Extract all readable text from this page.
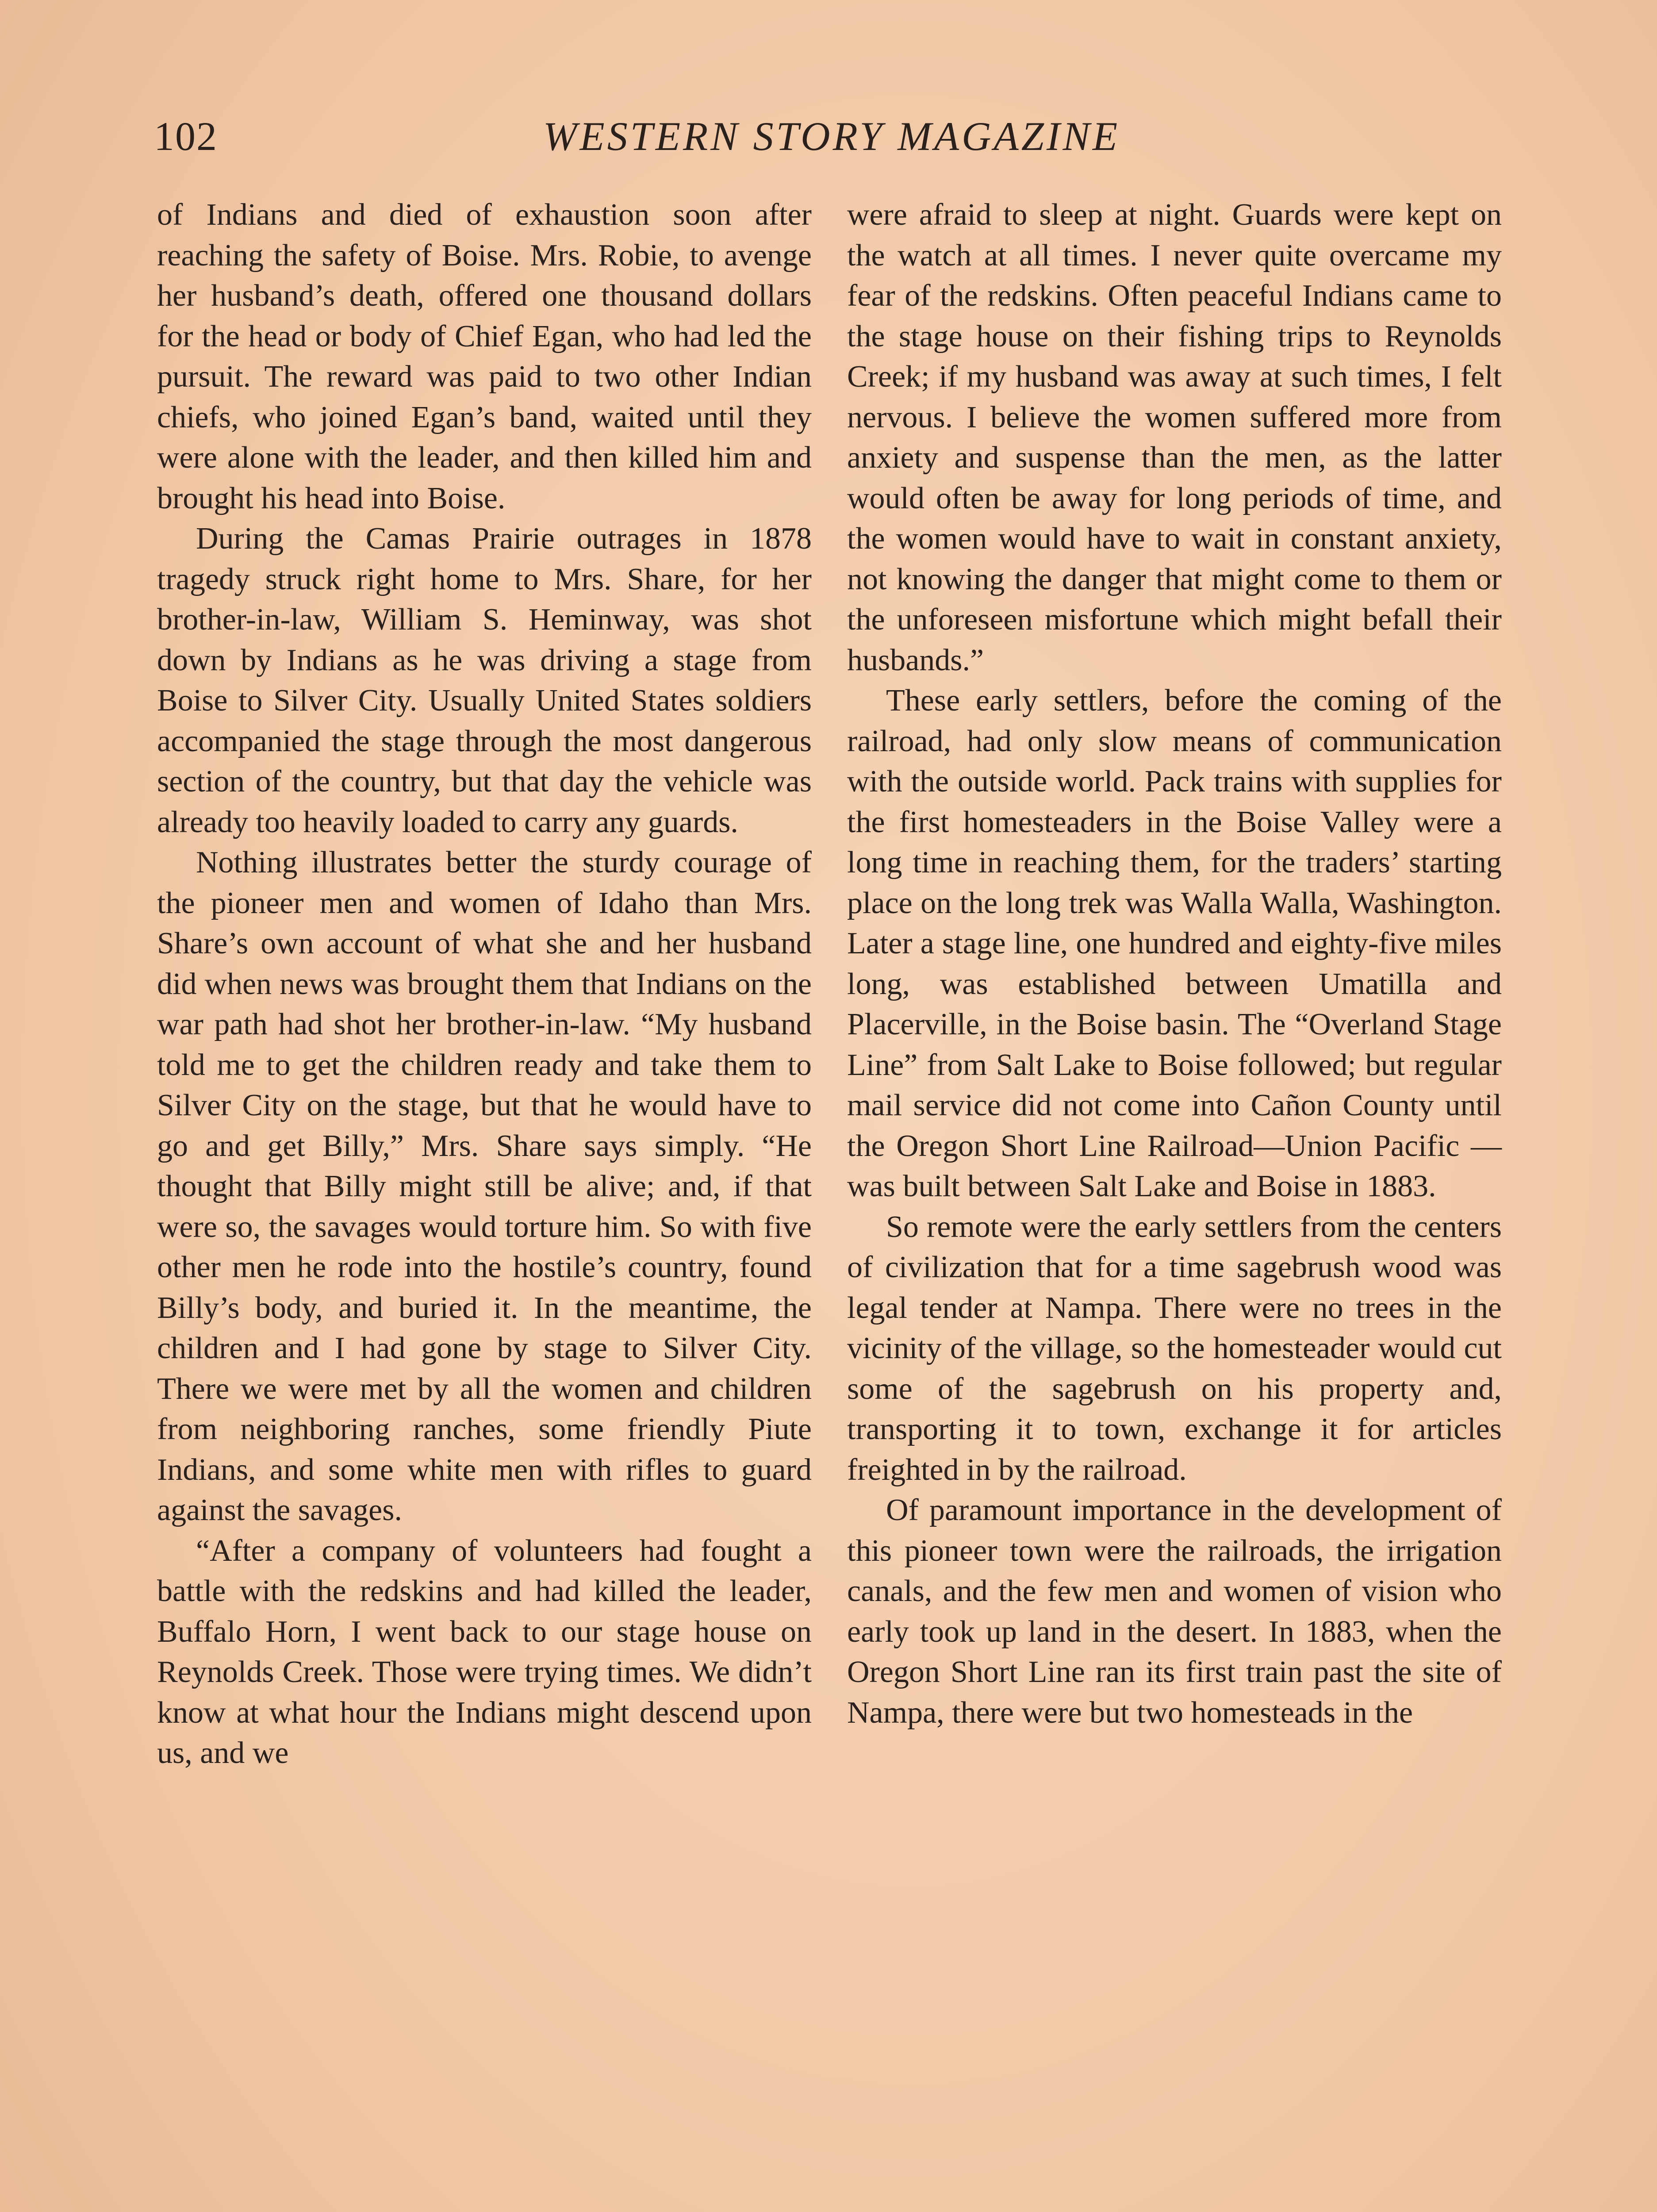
102	WESTERN STORY MAGAZINE

of Indians and died of exhaustion soon after reaching the safety of Boise. Mrs. Robie, to avenge her husband’s death, offered one thousand dollars for the head or body of Chief Egan, who had led the pursuit. The reward was paid to two other Indian chiefs, who joined Egan’s band, waited until they were alone with the leader, and then killed him and brought his head into Boise.

During the Camas Prairie outrages in 1878 tragedy struck right home to Mrs. Share, for her brother-in-law, William S. Heminway, was shot down by Indians as he was driving a stage from Boise to Silver City. Usually United States soldiers accompanied the stage through the most dangerous section of the country, but that day the vehicle was already too heavily loaded to carry any guards.

Nothing illustrates better the sturdy courage of the pioneer men and women of Idaho than Mrs. Share’s own account of what she and her husband did when news was brought them that Indians on the war path had shot her brother-in-law. “My husband told me to get the children ready and take them to Silver City on the stage, but that he would have to go and get Billy,” Mrs. Share says simply. “He thought that Billy might still be alive; and, if that were so, the savages would torture him. So with five other men he rode into the hostile’s country, found Billy’s body, and buried it. In the meantime, the children and I had gone by stage to Silver City. There we were met by all the women and children from neighboring ranches, some friendly Piute Indians, and some white men with rifles to guard against the savages.

“After a company of volunteers had fought a battle with the redskins and had killed the leader, Buffalo Horn, I went back to our stage house on Reynolds Creek. Those were trying times. We didn’t know at what hour the Indians might descend upon us, and we

were afraid to sleep at night. Guards were kept on the watch at all times. I never quite overcame my fear of the redskins. Often peaceful Indians came to the stage house on their fishing trips to Reynolds Creek; if my husband was away at such times, I felt nervous. I believe the women suffered more from anxiety and suspense than the men, as the latter would often be away for long periods of time, and the women would have to wait in constant anxiety, not knowing the danger that might come to them or the unforeseen misfortune which might befall their husbands.”

These early settlers, before the coming of the railroad, had only slow means of communication with the outside world. Pack trains with supplies for the first homesteaders in the Boise Valley were a long time in reaching them, for the traders’ starting place on the long trek was Walla Walla, Washington. Later a stage line, one hundred and eighty-five miles long, was established between Umatilla and Placerville, in the Boise basin. The “Overland Stage Line” from Salt Lake to Boise followed; but regular mail service did not come into Cañon County until the Oregon Short Line Railroad—Union Pacific —was built between Salt Lake and Boise in 1883.

So remote were the early settlers from the centers of civilization that for a time sagebrush wood was legal tender at Nampa. There were no trees in the vicinity of the village, so the homesteader would cut some of the sagebrush on his property and, transporting it to town, exchange it for articles freighted in by the railroad.

Of paramount importance in the development of this pioneer town were the railroads, the irrigation canals, and the few men and women of vision who early took up land in the desert. In 1883, when the Oregon Short Line ran its first train past the site of Nampa, there were but two homesteads in the
